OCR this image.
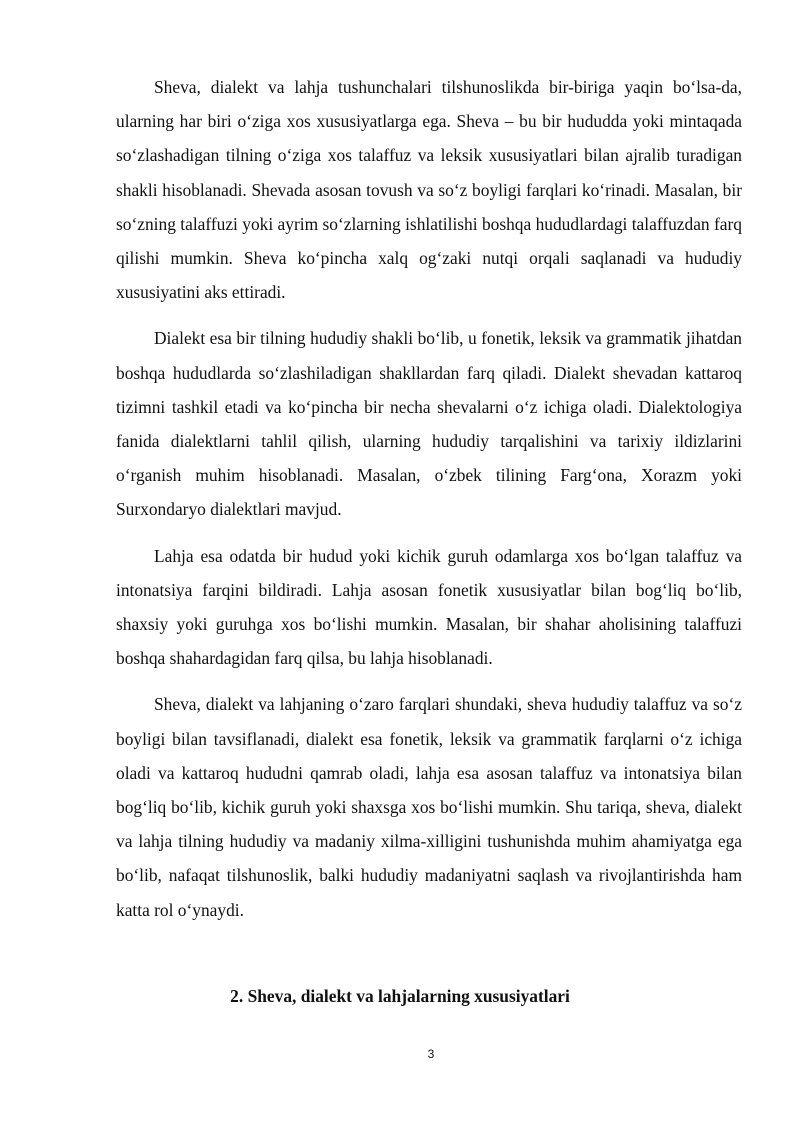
Sheva, dialekt va lahja tushunchalari tilshunoslikda bir-biriga yaqin bo‘lsa-da, ularning har biri o‘ziga xos xususiyatlarga ega. Sheva – bu bir hududda yoki mintaqada so‘zlashadigan tilning o‘ziga xos talaffuz va leksik xususiyatlari bilan ajralib turadigan shakli hisoblanadi. Shevada asosan tovush va so‘z boyligi farqlari ko‘rinadi. Masalan, bir so‘zning talaffuzi yoki ayrim so‘zlarning ishlatilishi boshqa hududlardagi talaffuzdan farq qilishi mumkin. Sheva ko‘pincha xalq og‘zaki nutqi orqali saqlanadi va hududiy xususiyatini aks ettiradi.

Dialekt esa bir tilning hududiy shakli bo‘lib, u fonetik, leksik va grammatik jihatdan boshqa hududlarda so‘zlashiladigan shakllardan farq qiladi. Dialekt shevadan kattaroq tizimni tashkil etadi va ko‘pincha bir necha shevalarni o‘z ichiga oladi. Dialektologiya fanida dialektlarni tahlil qilish, ularning hududiy tarqalishini va tarixiy ildizlarini o‘rganish muhim hisoblanadi. Masalan, o‘zbek tilining Farg‘ona, Xorazm yoki Surxondaryo dialektlari mavjud.

Lahja esa odatda bir hudud yoki kichik guruh odamlarga xos bo‘lgan talaffuz va intonatsiya farqini bildiradi. Lahja asosan fonetik xususiyatlar bilan bog‘liq bo‘lib, shaxsiy yoki guruhga xos bo‘lishi mumkin. Masalan, bir shahar aholisining talaffuzi boshqa shahardagidan farq qilsa, bu lahja hisoblanadi.

Sheva, dialekt va lahjaning o‘zaro farqlari shundaki, sheva hududiy talaffuz va so‘z boyligi bilan tavsiflanadi, dialekt esa fonetik, leksik va grammatik farqlarni o‘z ichiga oladi va kattaroq hududni qamrab oladi, lahja esa asosan talaffuz va intonatsiya bilan bog‘liq bo‘lib, kichik guruh yoki shaxsga xos bo‘lishi mumkin. Shu tariqa, sheva, dialekt va lahja tilning hududiy va madaniy xilma-xilligini tushunishda muhim ahamiyatga ega bo‘lib, nafaqat tilshunoslik, balki hududiy madaniyatni saqlash va rivojlantirishda ham katta rol o‘ynaydi.

2. Sheva, dialekt va lahjalarning xususiyatlari

3
